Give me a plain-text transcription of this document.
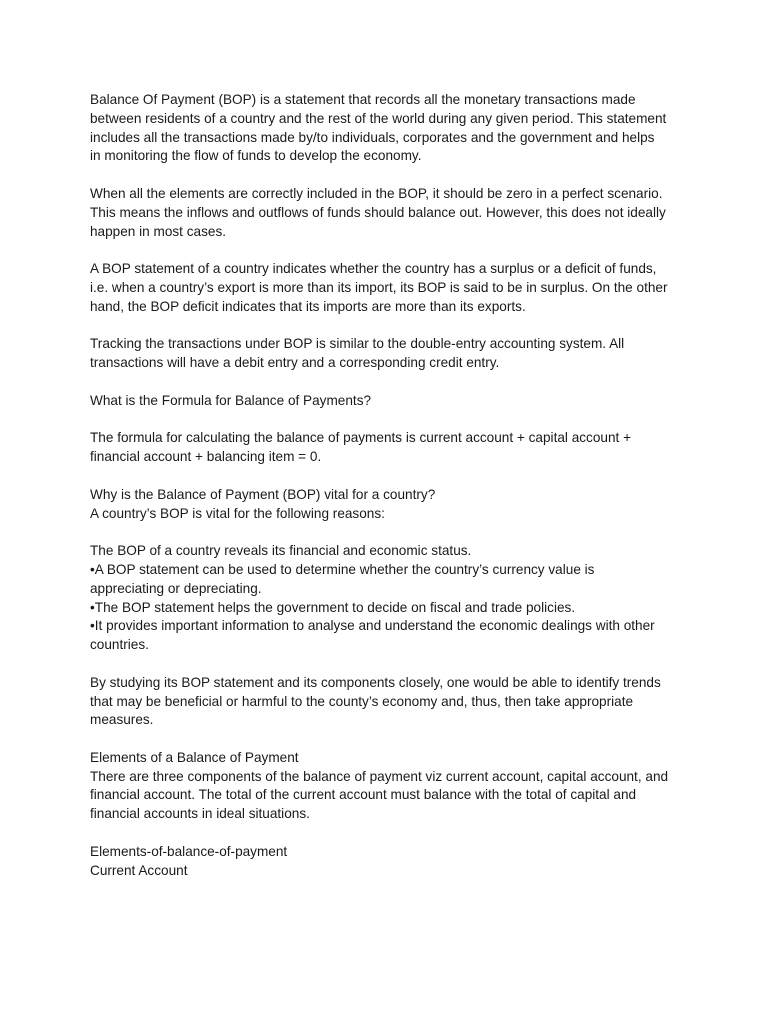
Balance Of Payment (BOP) is a statement that records all the monetary transactions made
between residents of a country and the rest of the world during any given period. This statement
includes all the transactions made by/to individuals, corporates and the government and helps
in monitoring the flow of funds to develop the economy.
When all the elements are correctly included in the BOP, it should be zero in a perfect scenario.
This means the inflows and outflows of funds should balance out. However, this does not ideally
happen in most cases.
A BOP statement of a country indicates whether the country has a surplus or a deficit of funds,
i.e. when a country’s export is more than its import, its BOP is said to be in surplus. On the other
hand, the BOP deficit indicates that its imports are more than its exports.
Tracking the transactions under BOP is similar to the double-entry accounting system. All
transactions will have a debit entry and a corresponding credit entry.
What is the Formula for Balance of Payments?
The formula for calculating the balance of payments is current account + capital account +
financial account + balancing item = 0.
Why is the Balance of Payment (BOP) vital for a country?
A country’s BOP is vital for the following reasons:
The BOP of a country reveals its financial and economic status.
•A BOP statement can be used to determine whether the country’s currency value is
appreciating or depreciating.
•The BOP statement helps the government to decide on fiscal and trade policies.
•It provides important information to analyse and understand the economic dealings with other
countries.
By studying its BOP statement and its components closely, one would be able to identify trends
that may be beneficial or harmful to the county’s economy and, thus, then take appropriate
measures.
Elements of a Balance of Payment
There are three components of the balance of payment viz current account, capital account, and
financial account. The total of the current account must balance with the total of capital and
financial accounts in ideal situations.
Elements-of-balance-of-payment
Current Account
